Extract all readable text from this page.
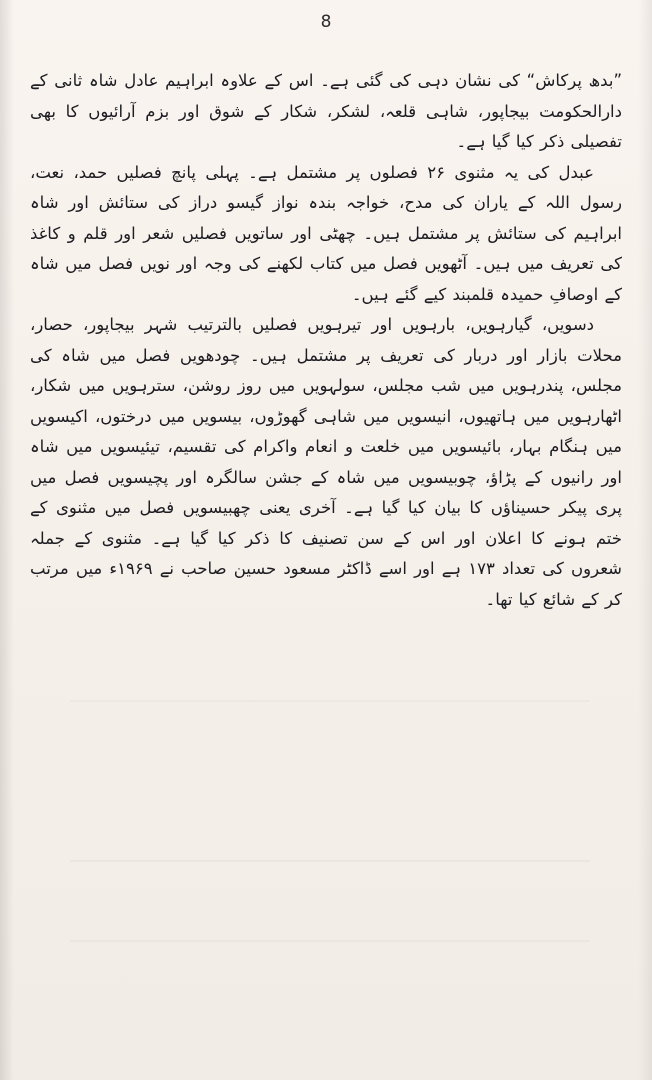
8

”بدھ پرکاش“ کی نشان دہی کی گئی ہے۔ اس کے علاوہ ابراہیم عادل شاہ ثانی کے دارالحکومت بیجاپور، شاہی قلعہ، لشکر، شکار کے شوق اور بزم آرائیوں کا بھی تفصیلی ذکر کیا گیا ہے۔

عبدل کی یہ مثنوی ۲۶ فصلوں پر مشتمل ہے۔ پہلی پانچ فصلیں حمد، نعت، رسول اللہ کے یاران کی مدح، خواجہ بندہ نواز گیسو دراز کی ستائش اور شاہ ابراہیم کی ستائش پر مشتمل ہیں۔ چھٹی اور ساتویں فصلیں شعر اور قلم و کاغذ کی تعریف میں ہیں۔ آٹھویں فصل میں کتاب لکھنے کی وجہ اور نویں فصل میں شاہ کے اوصافِ حمیدہ قلمبند کیے گئے ہیں۔

دسویں، گیارہویں، بارہویں اور تیرہویں فصلیں بالترتیب شہر بیجاپور، حصار، محلات بازار اور دربار کی تعریف پر مشتمل ہیں۔ چودھویں فصل میں شاہ کی مجلس، پندرہویں میں شب مجلس، سولہویں میں روز روشن، سترہویں میں شکار، اٹھارہویں میں ہاتھیوں، انیسویں میں شاہی گھوڑوں، بیسویں میں درختوں، اکیسویں میں ہنگام بہار، بائیسویں میں خلعت و انعام واکرام کی تقسیم، تیئیسویں میں شاہ اور رانیوں کے پڑاؤ، چوبیسویں میں شاہ کے جشن سالگرہ اور پچیسویں فصل میں پری پیکر حسیناؤں کا بیان کیا گیا ہے۔ آخری یعنی چھبیسویں فصل میں مثنوی کے ختم ہونے کا اعلان اور اس کے سن تصنیف کا ذکر کیا گیا ہے۔ مثنوی کے جملہ شعروں کی تعداد ۱۷۳ ہے اور اسے ڈاکٹر مسعود حسین صاحب نے ۱۹۶۹ء میں مرتب کر کے شائع کیا تھا۔
